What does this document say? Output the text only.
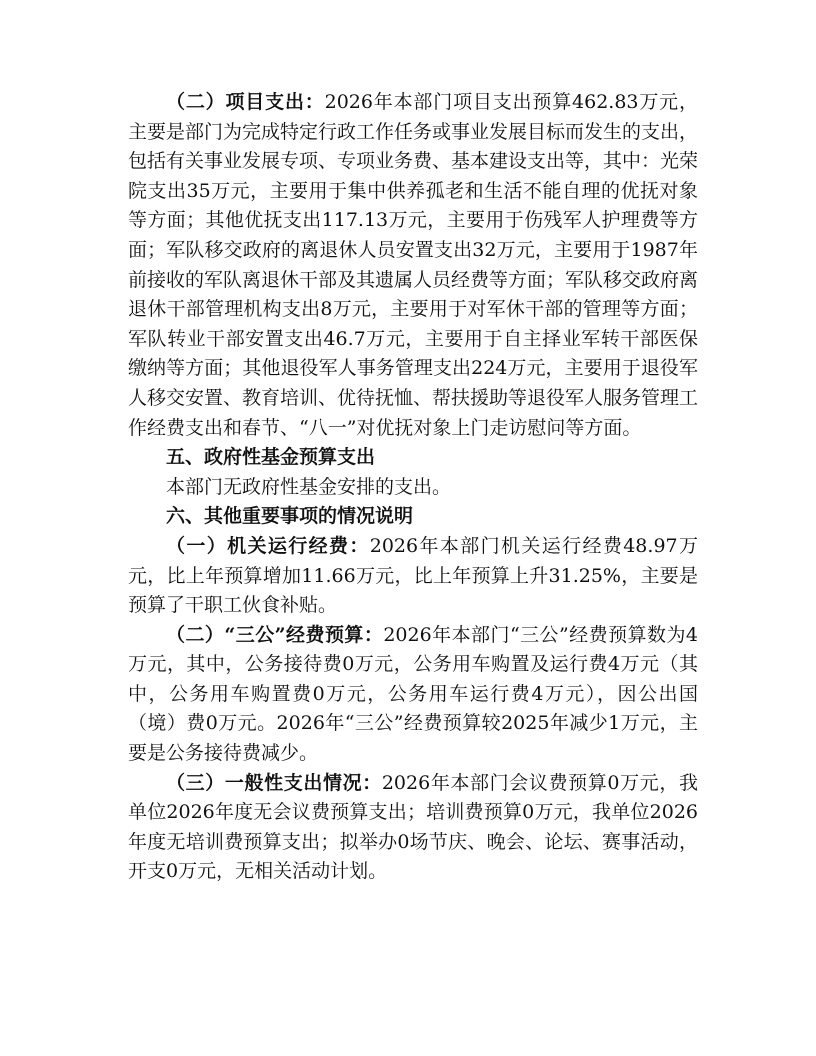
（二）项目支出：2026年本部门项目支出预算462.83万元，主要是部门为完成特定行政工作任务或事业发展目标而发生的支出，包括有关事业发展专项、专项业务费、基本建设支出等，其中：光荣院支出35万元，主要用于集中供养孤老和生活不能自理的优抚对象等方面；其他优抚支出117.13万元，主要用于伤残军人护理费等方面；军队移交政府的离退休人员安置支出32万元，主要用于1987年前接收的军队离退休干部及其遗属人员经费等方面；军队移交政府离退休干部管理机构支出8万元，主要用于对军休干部的管理等方面；军队转业干部安置支出46.7万元，主要用于自主择业军转干部医保缴纳等方面；其他退役军人事务管理支出224万元，主要用于退役军人移交安置、教育培训、优待抚恤、帮扶援助等退役军人服务管理工作经费支出和春节、“八一”对优抚对象上门走访慰问等方面。

五、政府性基金预算支出

本部门无政府性基金安排的支出。

六、其他重要事项的情况说明

（一）机关运行经费：2026年本部门机关运行经费48.97万元，比上年预算增加11.66万元，比上年预算上升31.25%，主要是预算了干职工伙食补贴。

（二）“三公”经费预算：2026年本部门“三公”经费预算数为4万元，其中，公务接待费0万元，公务用车购置及运行费4万元（其中，公务用车购置费0万元，公务用车运行费4万元），因公出国（境）费0万元。2026年“三公”经费预算较2025年减少1万元，主要是公务接待费减少。

（三）一般性支出情况：2026年本部门会议费预算0万元，我单位2026年度无会议费预算支出；培训费预算0万元，我单位2026年度无培训费预算支出；拟举办0场节庆、晚会、论坛、赛事活动，开支0万元，无相关活动计划。
